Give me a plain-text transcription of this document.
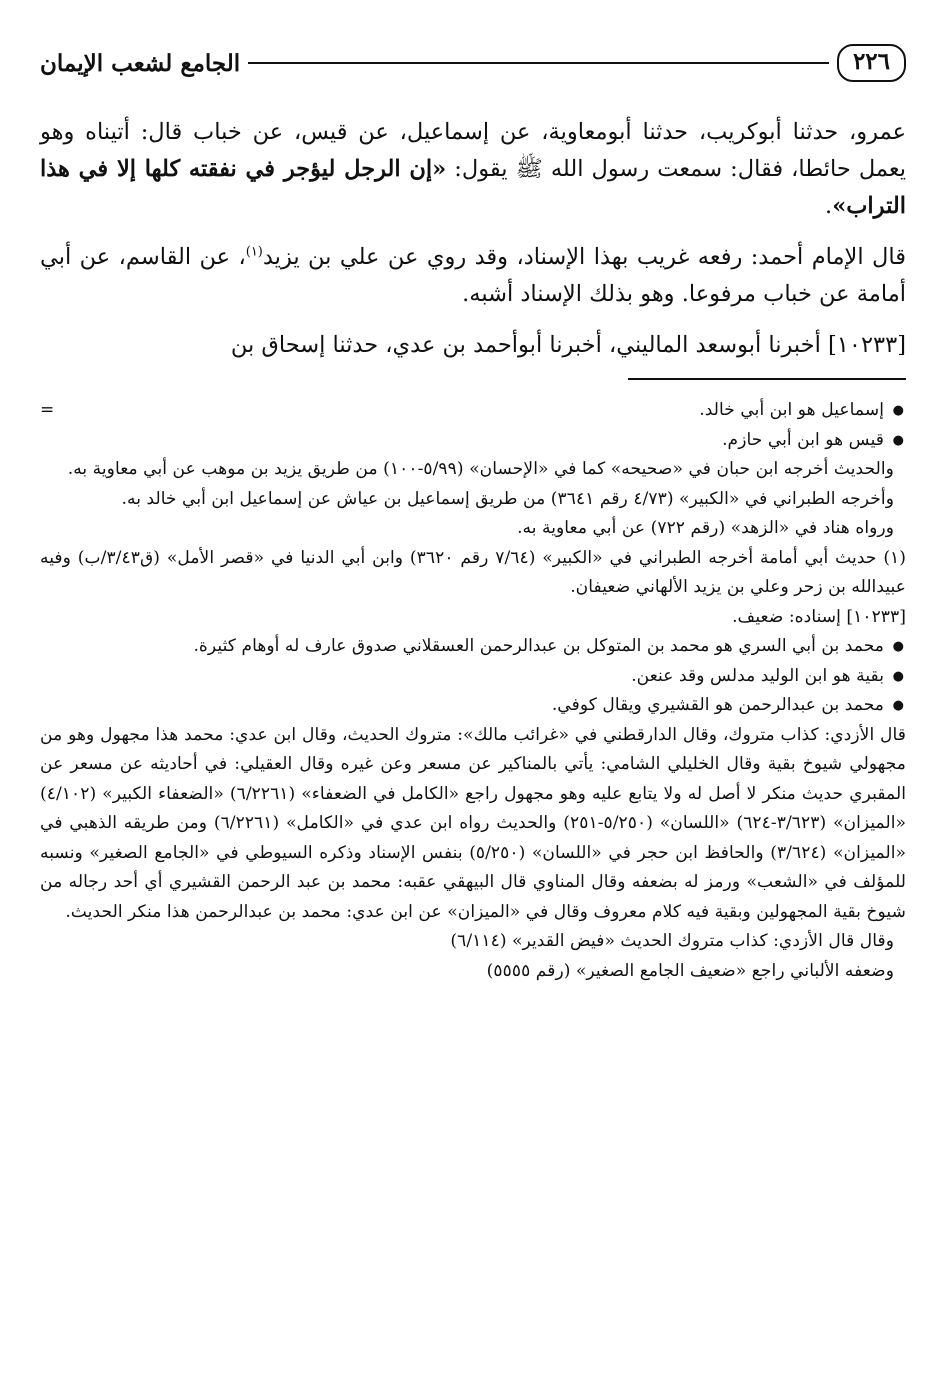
٢٢٦
الجامع لشعب الإيمان

عمرو، حدثنا أبوكريب، حدثنا أبومعاوية، عن إسماعيل، عن قيس، عن خباب قال: أتيناه وهو يعمل حائطا، فقال: سمعت رسول الله ﷺ يقول: «إن الرجل ليؤجر في نفقته كلها إلا في هذا التراب».

قال الإمام أحمد: رفعه غريب بهذا الإسناد، وقد روي عن علي بن يزيد$^{(١)}$، عن القاسم، عن أبي أمامة عن خباب مرفوعا. وهو بذلك الإسناد أشبه.

[١٠٢٣٣] أخبرنا أبوسعد الماليني، أخبرنا أبوأحمد بن عدي، حدثنا إسحاق بن

=
●	إسماعيل هو ابن أبي خالد.
● قيس هو ابن أبي حازم.

والحديث أخرجه ابن حبان في «صحيحه» كما في «الإحسان» (٥/٩٩-١٠٠) من طريق يزيد بن موهب عن أبي معاوية به.

وأخرجه الطبراني في «الكبير» (٤/٧٣ رقم ٣٦٤١) من طريق إسماعيل بن عياش عن إسماعيل ابن أبي خالد به.

ورواه هناد في «الزهد» (رقم ٧٢٢) عن أبي معاوية به.

(١) حديث أبي أمامة أخرجه الطبراني في «الكبير» (٧/٦٤ رقم ٣٦٢٠) وابن أبي الدنيا في «قصر الأمل» (ق٣/٤٣/ب) وفيه عبيدالله بن زحر وعلي بن يزيد الألهاني ضعيفان.

[١٠٢٣٣] إسناده: ضعيف.

● محمد بن أبي السري هو محمد بن المتوكل بن عبدالرحمن العسقلاني صدوق عارف له أوهام كثيرة.
● بقية هو ابن الوليد مدلس وقد عنعن.
● محمد بن عبدالرحمن هو القشيري ويقال كوفي.

قال الأزدي: كذاب متروك، وقال الدارقطني في «غرائب مالك»: متروك الحديث، وقال ابن عدي: محمد هذا مجهول وهو من مجهولي شيوخ بقية وقال الخليلي الشامي: يأتي بالمناكير عن مسعر وعن غيره وقال العقيلي: في أحاديثه عن مسعر عن المقبري حديث منكر لا أصل له ولا يتابع عليه وهو مجهول راجع «الكامل في الضعفاء» (٦/٢٢٦١) «الضعفاء الكبير» (٤/١٠٢) «الميزان» (٣/٦٢٣-٦٢٤) «اللسان» (٥/٢٥٠-٢٥١) والحديث رواه ابن عدي في «الكامل» (٦/٢٢٦١) ومن طريقه الذهبي في «الميزان» (٣/٦٢٤) والحافظ ابن حجر في «اللسان» (٥/٢٥٠) بنفس الإسناد وذكره السيوطي في «الجامع الصغير» ونسبه للمؤلف في «الشعب» ورمز له بضعفه وقال المناوي قال البيهقي عقبه: محمد بن عبد الرحمن القشيري أي أحد رجاله من شيوخ بقية المجهولين وبقية فيه كلام معروف وقال في «الميزان» عن ابن عدي: محمد بن عبدالرحمن هذا منكر الحديث.

وقال قال الأزدي: كذاب متروك الحديث «فيض القدير» (٦/١١٤)

وضعفه الألباني راجع «ضعيف الجامع الصغير» (رقم ٥٥٥٥)
